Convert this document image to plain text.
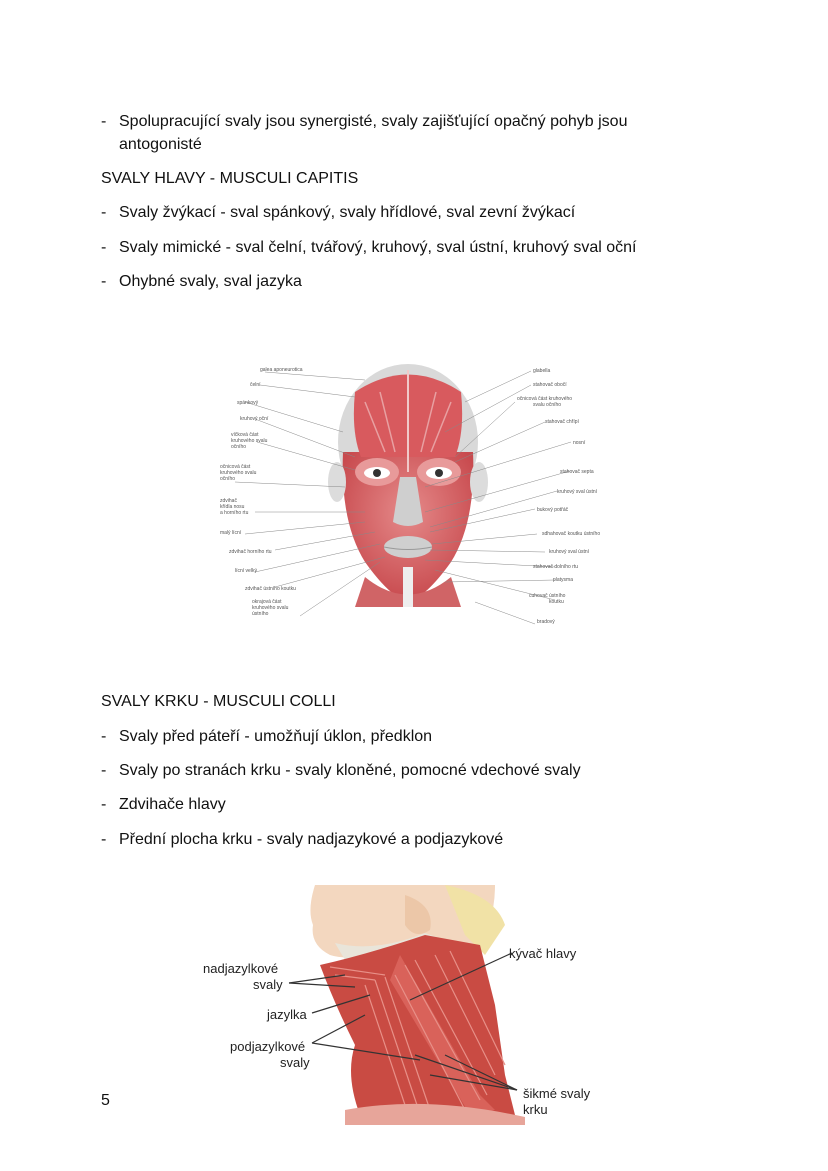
- Spolupracující svaly jsou synergisté, svaly zajišťující opačný pohyb jsou
antogonisté
SVALY HLAVY - MUSCULI CAPITIS
- Svaly žvýkací - sval spánkový, svaly hřídlové, sval zevní žvýkací
- Svaly mimické - sval čelní, tvářový, kruhový, sval ústní, kruhový sval oční
- Ohybné svaly, sval jazyka
galea aponeurotica
čelní
spánkový
kruhový oční
víčková část
kruhového svalu
očního
očnicová část
kruhového svalu
očního
zdvihač
křídla nosu
a horního rtu
malý lícní
zdvihač horního rtu
lícní velký
zdvihač ústního koutku
okrajová část
kruhového svalu
ústního
glabella
stahovač obočí
očnicová část kruhového
svalu očního
stahovač chřípí
nosní
stahovač septa
kruhový sval ústní
bukový potřáč
sdhahovač koutku ústního
kruhový sval ústní
stahovač dolního rtu
platysma
cuhovač ústního
koutku
bradový
SVALY KRKU - MUSCULI COLLI
- Svaly před páteří - umožňují úklon, předklon
- Svaly po stranách krku - svaly kloněné, pomocné vdechové svaly
- Zdvihače hlavy
- Přední plocha krku - svaly nadjazykové a podjazykové
nadjazylkové
svaly
jazylka
podjazylkové
svaly
kývač hlavy
šikmé svaly
krku
5
